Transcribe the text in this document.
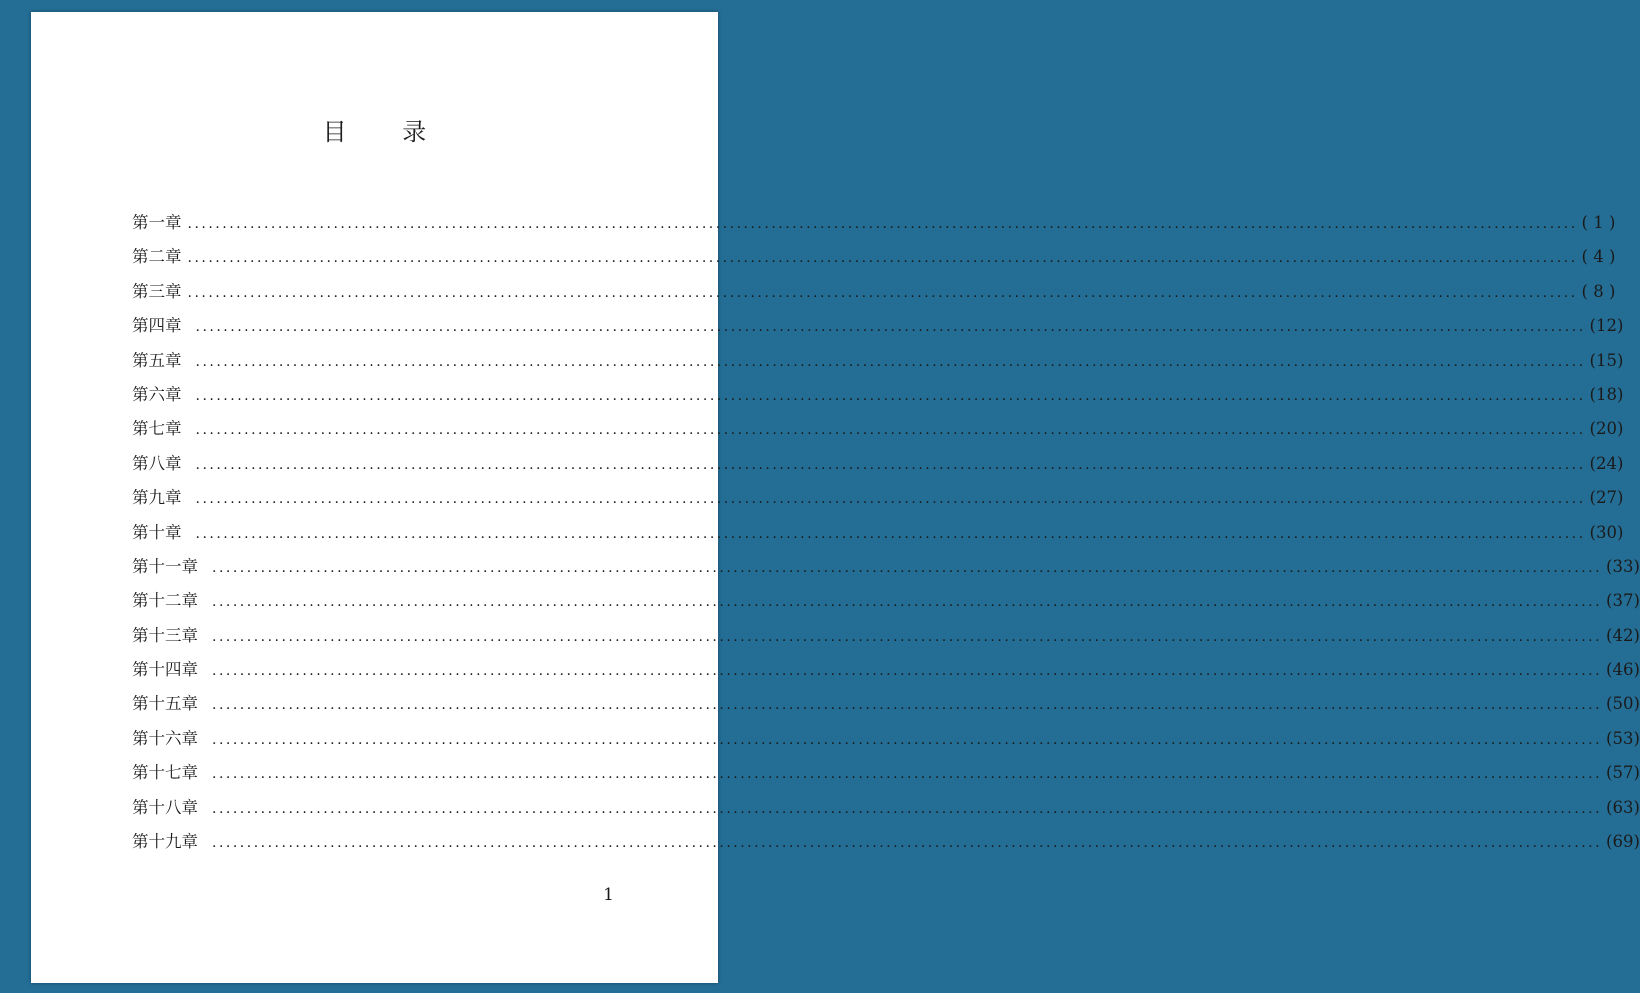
目 录
第一章 ........................................................................................................................................................................................................ ( 1 )
第二章 ........................................................................................................................................................................................................ ( 4 )
第三章 ........................................................................................................................................................................................................ ( 8 )
第四章 ........................................................................................................................................................................................................ (12)
第五章 ........................................................................................................................................................................................................ (15)
第六章 ........................................................................................................................................................................................................ (18)
第七章 ........................................................................................................................................................................................................ (20)
第八章 ........................................................................................................................................................................................................ (24)
第九章 ........................................................................................................................................................................................................ (27)
第十章 ........................................................................................................................................................................................................ (30)
第十一章 ........................................................................................................................................................................................................ (33)
第十二章 ........................................................................................................................................................................................................ (37)
第十三章 ........................................................................................................................................................................................................ (42)
第十四章 ........................................................................................................................................................................................................ (46)
第十五章 ........................................................................................................................................................................................................ (50)
第十六章 ........................................................................................................................................................................................................ (53)
第十七章 ........................................................................................................................................................................................................ (57)
第十八章 ........................................................................................................................................................................................................ (63)
第十九章 ........................................................................................................................................................................................................ (69)
1
